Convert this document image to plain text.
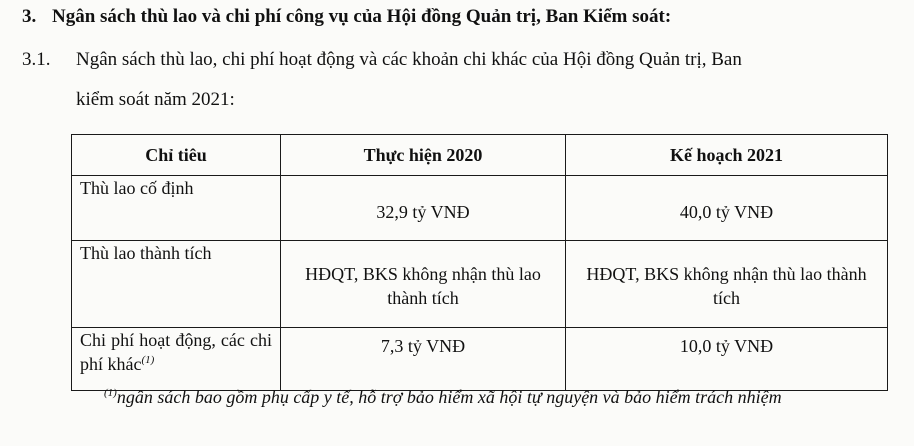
3. Ngân sách thù lao và chi phí công vụ của Hội đồng Quản trị, Ban Kiểm soát:
3.1. Ngân sách thù lao, chi phí hoạt động và các khoản chi khác của Hội đồng Quản trị, Ban
kiểm soát năm 2021:
Chỉ tiêu	Thực hiện 2020	Kế hoạch 2021
Thù lao cố định	32,9 tỷ VNĐ	40,0 tỷ VNĐ
Thù lao thành tích	HĐQT, BKS không nhận thù lao thành tích	HĐQT, BKS không nhận thù lao thành tích
Chi phí hoạt động, các chi phí khác$^{(1)}$	7,3 tỷ VNĐ	10,0 tỷ VNĐ
$^{(1)}$ngân sách bao gồm phụ cấp y tế, hỗ trợ bảo hiểm xã hội tự nguyện và bảo hiểm trách nhiệm
